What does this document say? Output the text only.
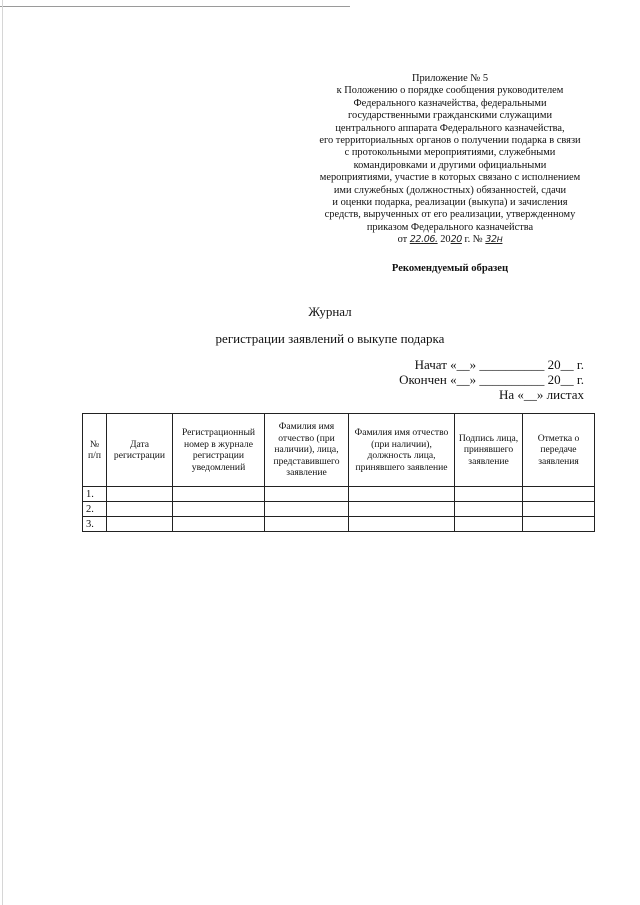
Приложение № 5
к Положению о порядке сообщения руководителем
Федерального казначейства, федеральными
государственными гражданскими служащими
центрального аппарата Федерального казначейства,
его территориальных органов о получении подарка в связи
с протокольными мероприятиями, служебными
командировками и другими официальными
мероприятиями, участие в которых связано с исполнением
ими служебных (должностных) обязанностей, сдачи
и оценки подарка, реализации (выкупа) и зачисления
средств, вырученных от его реализации, утвержденному
приказом Федерального казначейства
от 22.06. 2020 г. № 32н
Рекомендуемый образец
Журнал
регистрации заявлений о выкупе подарка
Начат «__» __________ 20__ г.
Окончен «__» __________ 20__ г.
На «__» листах
№ п/п	Дата регистрации	Регистрационный номер в журнале регистрации уведомлений	Фамилия имя отчество (при наличии), лица, представившего заявление	Фамилия имя отчество (при наличии), должность лица, принявшего заявление	Подпись лица, принявшего заявление	Отметка о передаче заявления
1.						
2.						
3.						
